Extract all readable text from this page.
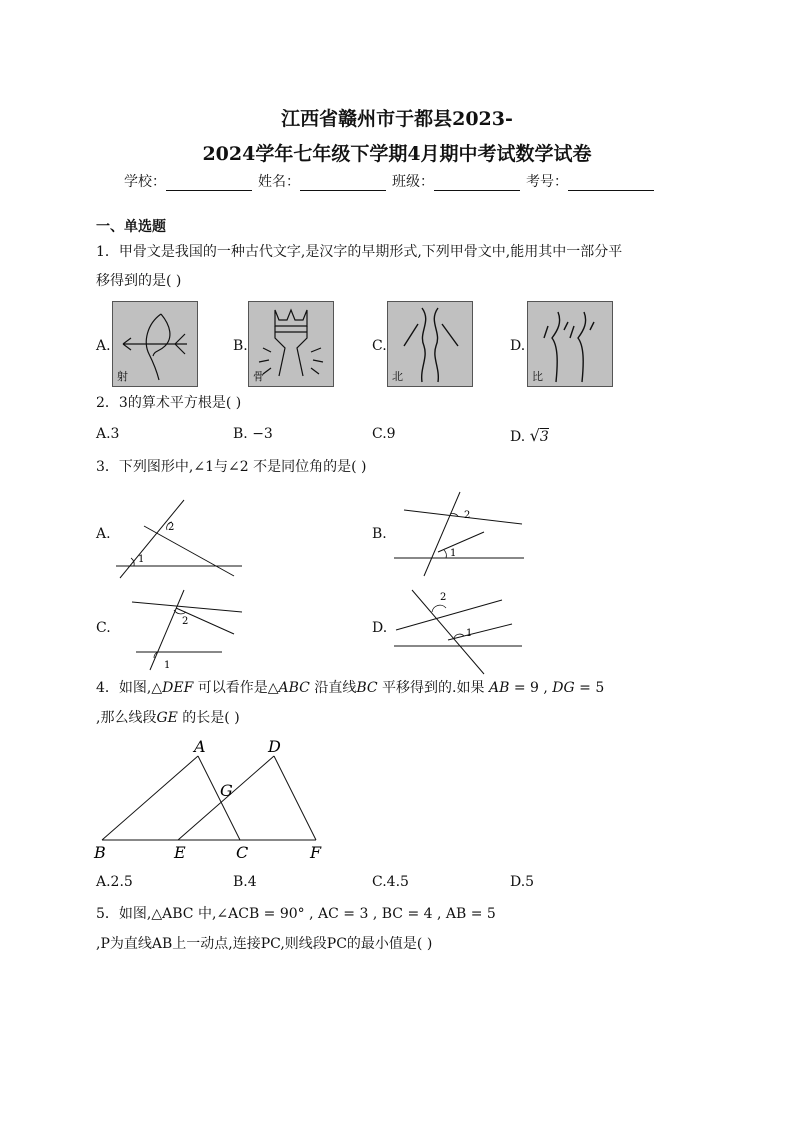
江西省赣州市于都县2023-
2024学年七年级下学期4月期中考试数学试卷
学校：	姓名：	班级：	考号：
一、单选题
1．甲骨文是我国的一种古代文字,是汉字的早期形式,下列甲骨文中,能用其中一部分平
移得到的是( )
A.
射
B.
骨
C.
北
D.
比
2．3的算术平方根是( )
A.3	B. −3	C.9	D. √3
3．下列图形中,∠1与∠2 不是同位角的是( )
A.
1
2	B.
1
2
C.	2
1
D.
2
1
4．如图,△DEF 可以看作是△ABC 沿直线BC 平移得到的.如果 AB = 9 , DG = 5
,那么线段GE 的长是( )
A	D
G
B	E	C	F
A.2.5	B.4	C.4.5	D.5
5．如图,△ABC 中,∠ACB = 90° , AC = 3 , BC = 4 , AB = 5
,P为直线AB上一动点,连接PC,则线段PC的最小值是( )
